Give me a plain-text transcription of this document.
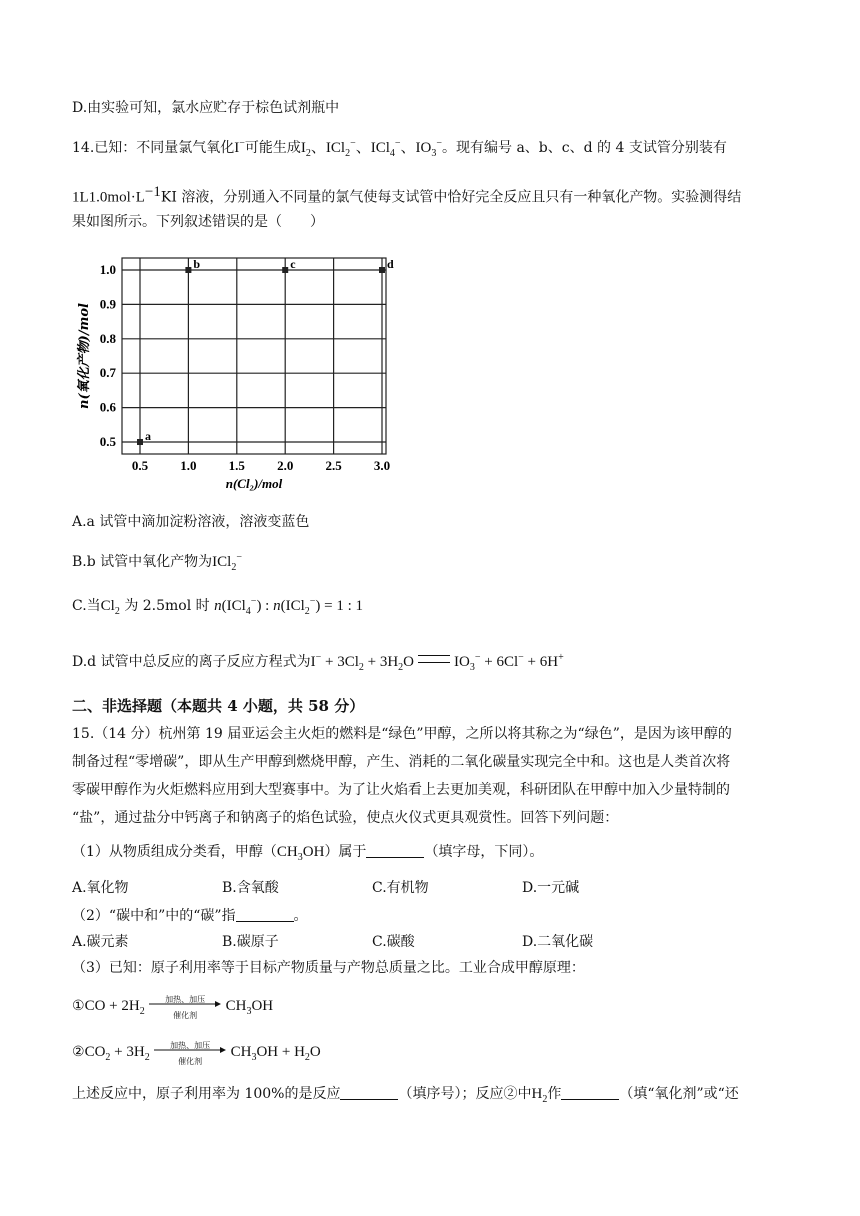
D.由实验可知，氯水应贮存于棕色试剂瓶中
14.已知：不同量氯气氧化I−可能生成$I_2$、ICl$_2$−、ICl$_4$−、$IO_3^-$。现有编号 a、b、c、d 的 4 支试管分别装有
$1L1.0mol\cdot L^{-1}KI$ 溶液，分别通入不同量的氯气使每支试管中恰好完全反应且只有一种氧化产物。实验测得结
果如图所示。下列叙述错误的是（　　）
0.5 1.0 1.5 2.0 2.5 3.0
0.5
0.6
0.7
0.8
0.9
1.0
a
b	c	d
n(Cl₂)/mol
n(氧化产物)/mol
A.a 试管中滴加淀粉溶液，溶液变蓝色
B.b 试管中氧化产物为ICl$_2$−
C.当$Cl_2$ 为 2.5mol 时 n(ICl$_4$−) : n(ICl$_2$−) = 1 : 1
D.d 试管中总反应的离子反应方程式为$I^- + 3Cl_2 + 3H_2O$	$IO_3^- + 6Cl^- + 6H^+$
二、非选择题（本题共 4 小题，共 58 分）
15.（14 分）杭州第 19 届亚运会主火炬的燃料是“绿色”甲醇，之所以将其称之为“绿色”，是因为该甲醇的
制备过程“零增碳”，即从生产甲醇到燃烧甲醇，产生、消耗的二氧化碳量实现完全中和。这也是人类首次将
零碳甲醇作为火炬燃料应用到大型赛事中。为了让火焰看上去更加美观，科研团队在甲醇中加入少量特制的
“盐”，通过盐分中钙离子和钠离子的焰色试验，使点火仪式更具观赏性。回答下列问题：
（1）从物质组成分类看，甲醇$(CH_3OH)$属于	（填字母，下同）。
A.氧化物	B.含氧酸	C.有机物	D.一元碱
（2）“碳中和”中的“碳”指	。
A.碳元素	B.碳原子	C.碳酸	D.二氧化碳
（3）已知：原子利用率等于目标产物质量与产物总质量之比。工业合成甲醇原理：
①CO + $2H_2$
加热、加压
催化剂
$CH_3OH$
$②CO_2 + 3H_2$
加热、加压
催化剂
$CH_3OH + H_2O$
上述反应中，原子利用率为 100%的是反应	（填序号）；反应②中$H_2$作	（填“氧化剂”或“还
